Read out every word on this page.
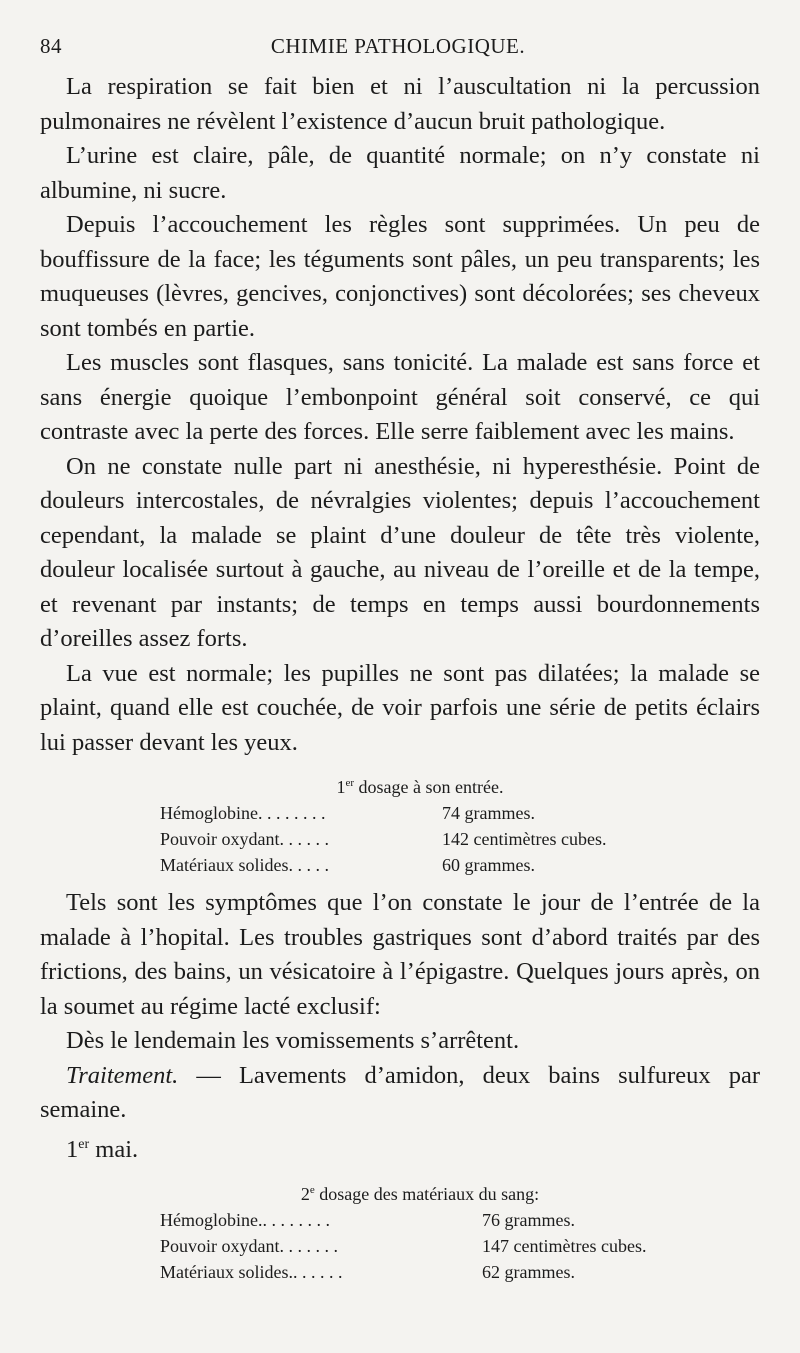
84	CHIMIE PATHOLOGIQUE.

La respiration se fait bien et ni l’auscultation ni la percussion pulmonaires ne révèlent l’existence d’aucun bruit pathologique.

L’urine est claire, pâle, de quantité normale; on n’y constate ni albumine, ni sucre.

Depuis l’accouchement les règles sont supprimées. Un peu de bouffissure de la face; les téguments sont pâles, un peu transparents; les muqueuses (lèvres, gencives, conjonctives) sont décolorées; ses cheveux sont tombés en partie.

Les muscles sont flasques, sans tonicité. La malade est sans force et sans énergie quoique l’embonpoint général soit conservé, ce qui contraste avec la perte des forces. Elle serre faiblement avec les mains.

On ne constate nulle part ni anesthésie, ni hyperesthésie. Point de douleurs intercostales, de névralgies violentes; depuis l’accouchement cependant, la malade se plaint d’une douleur de tête très violente, douleur localisée surtout à gauche, au niveau de l’oreille et de la tempe, et revenant par instants; de temps en temps aussi bourdonnements d’oreilles assez forts.

La vue est normale; les pupilles ne sont pas dilatées; la malade se plaint, quand elle est couchée, de voir parfois une série de petits éclairs lui passer devant les yeux.

1er dosage à son entrée.
Hémoglobine. . . . . . . .	74 grammes.
Pouvoir oxydant. . . . . .	142 centimètres cubes.
Matériaux solides. . . . .	60 grammes.

Tels sont les symptômes que l’on constate le jour de l’entrée de la malade à l’hopital. Les troubles gastriques sont d’abord traités par des frictions, des bains, un vésicatoire à l’épigastre. Quelques jours après, on la soumet au régime lacté exclusif:

Dès le lendemain les vomissements s’arrêtent.

Traitement. — Lavements d’amidon, deux bains sulfureux par semaine.

1er mai.

2e dosage des matériaux du sang:
Hémoglobine.. . . . . . . .	76 grammes.
Pouvoir oxydant. . . . . . .	147 centimètres cubes.
Matériaux solides.. . . . . .	62 grammes.
